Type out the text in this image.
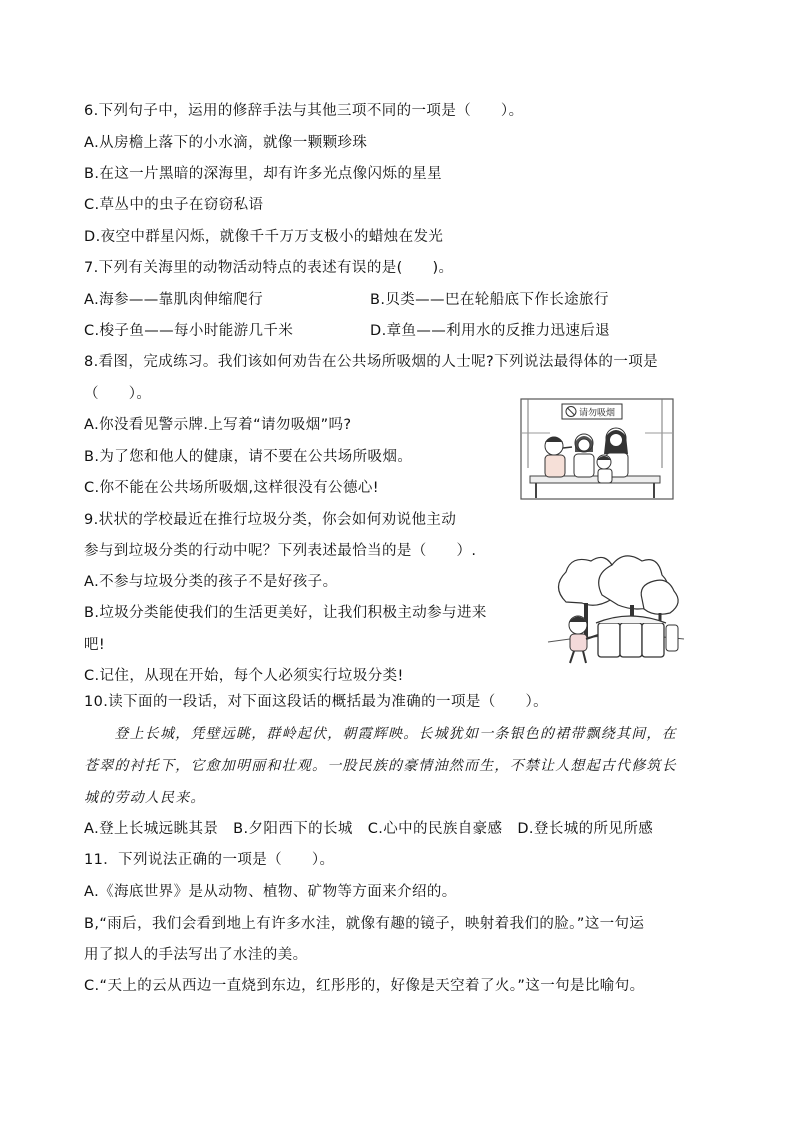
6.下列句子中，运用的修辞手法与其他三项不同的一项是（　　）。
A.从房檐上落下的小水滴，就像一颗颗珍珠
B.在这一片黑暗的深海里，却有许多光点像闪烁的星星
C.草丛中的虫子在窃窃私语
D.夜空中群星闪烁，就像千千万万支极小的蜡烛在发光
7.下列有关海里的动物活动特点的表述有误的是(　　)。
A.海参——靠肌肉伸缩爬行	B.贝类——巴在轮船底下作长途旅行
C.梭子鱼——每小时能游几千米	D.章鱼——利用水的反推力迅速后退
8.看图，完成练习。我们该如何劝告在公共场所吸烟的人士呢?下列说法最得体的一项是
（　　）。
A.你没看见警示牌.上写着“请勿吸烟”吗?
B.为了您和他人的健康，请不要在公共场所吸烟。
C.你不能在公共场所吸烟,这样很没有公德心!
请勿吸烟
9.状状的学校最近在推行垃圾分类，你会如何劝说他主动
参与到垃圾分类的行动中呢？下列表述最恰当的是（　　）.
A.不参与垃圾分类的孩子不是好孩子。
B.垃圾分类能使我们的生活更美好，让我们积极主动参与进来
吧!
C.记住，从现在开始，每个人必须实行垃圾分类!
10.读下面的一段话，对下面这段话的概括最为准确的一项是（　　）。
　　登上长城，凭壁远眺，群岭起伏，朝霞辉映。长城犹如一条银色的裙带飘绕其间，在
苍翠的衬托下，它愈加明丽和壮观。一股民族的豪情油然而生，不禁让人想起古代修筑长
城的劳动人民来。
A.登上长城远眺其景　B.夕阳西下的长城　C.心中的民族自豪感　D.登长城的所见所感
11．下列说法正确的一项是（　　）。
A.《海底世界》是从动物、植物、矿物等方面来介绍的。
B,“雨后，我们会看到地上有许多水洼，就像有趣的镜子，映射着我们的脸。”这一句运
用了拟人的手法写出了水洼的美。
C.“天上的云从西边一直烧到东边，红彤彤的，好像是天空着了火。”这一句是比喻句。
